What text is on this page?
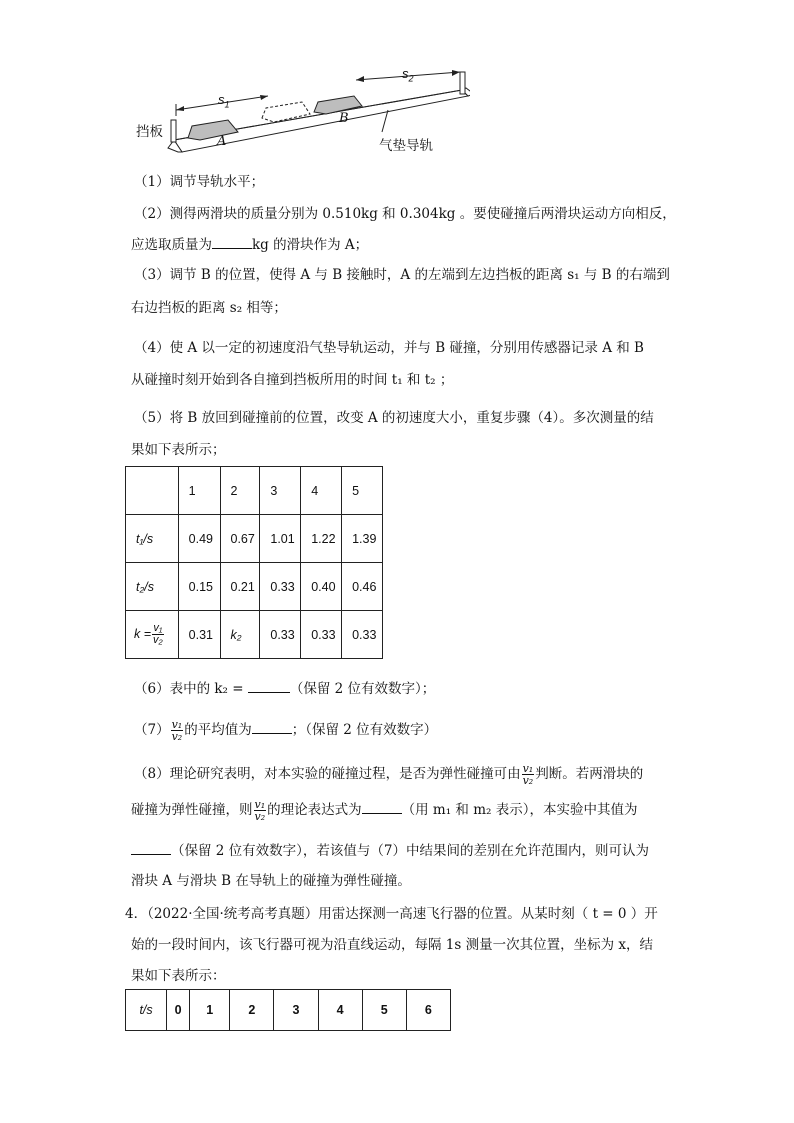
$s_1$
$s_2$
挡板
A
B
气垫导轨
（1）调节导轨水平；
（2）测得两滑块的质量分别为 0.510kg 和 0.304kg 。要使碰撞后两滑块运动方向相反，
应选取质量为	kg 的滑块作为 A；
（3）调节 B 的位置，使得 A 与 B 接触时，A 的左端到左边挡板的距离 s₁ 与 B 的右端到
右边挡板的距离 s₂ 相等；
（4）使 A 以一定的初速度沿气垫导轨运动，并与 B 碰撞，分别用传感器记录 A 和 B
从碰撞时刻开始到各自撞到挡板所用的时间 t₁ 和 t₂ ；
（5）将 B 放回到碰撞前的位置，改变 A 的初速度大小，重复步骤（4）。多次测量的结
果如下表所示；
	1	2	3	4	5
t₁/s	0.49	0.67	1.01	1.22	1.39
t₂/s	0.15	0.21	0.33	0.40	0.46
$k = \frac{\text{v₁}}{\text{v₂}}$	0.31	k₂	0.33	0.33	0.33
（6）表中的 k₂ =	（保留 2 位有效数字）；
$(7) \frac{\text{v₁}}{\text{v₂}}$ 的平均值为	；（保留 2 位有效数字）
（8）理论研究表明，对本实验的碰撞过程，是否为弹性碰撞可由 $\frac{\text{v₁}}{\text{v₂}}$ 判断。若两滑块的
碰撞为弹性碰撞，则 $\frac{\text{v₁}}{\text{v₂}}$ 的理论表达式为	（用 m₁ 和 m₂ 表示），本实验中其值为
（保留 2 位有效数字），若该值与（7）中结果间的差别在允许范围内，则可认为
滑块 A 与滑块 B 在导轨上的碰撞为弹性碰撞。
4．（2022·全国·统考高考真题）用雷达探测一高速飞行器的位置。从某时刻（ t = 0 ）开
始的一段时间内，该飞行器可视为沿直线运动，每隔 1s 测量一次其位置，坐标为 x，结
果如下表所示：
t/s	0	1	2	3	4	5	6
